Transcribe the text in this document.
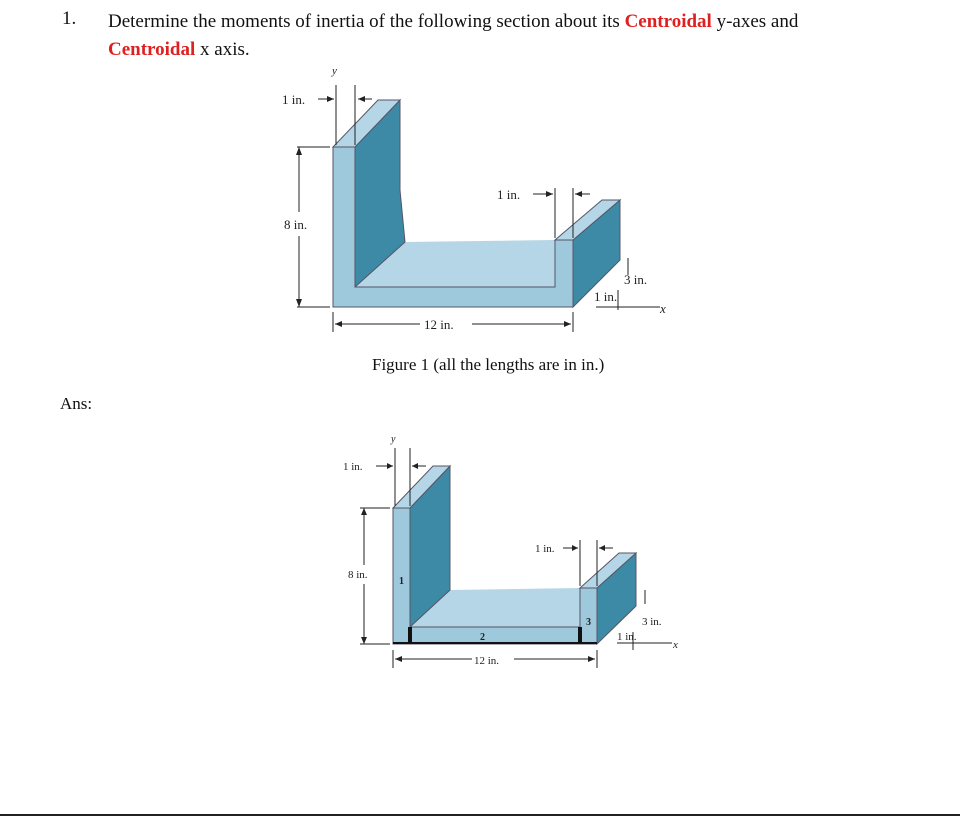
1. Determine the moments of inertia of the following section about its Centroidal y-axes and
Centroidal x axis.
y
1 in.
8 in.
1 in.
3 in.
1 in.
x
12 in.
Figure 1 (all the lengths are in in.)
Ans:
y
1 in.
8 in.
1 in.
3 in.
1 in.
x
12 in.
1
2
3
